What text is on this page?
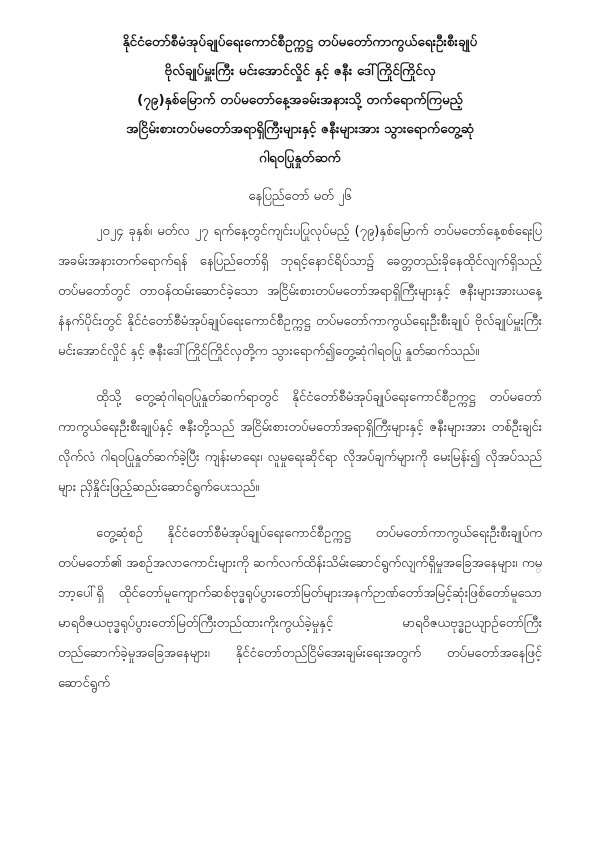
နိုင်ငံတော်စီမံအုပ်ချုပ်ရေးကောင်စီဥက္ကဋ္ဌ တပ်မတော်ကာကွယ်ရေးဦးစီးချုပ်
ဗိုလ်ချုပ်မှူးကြီး မင်းအောင်လှိုင် နှင့် ဇနီး ဒေါ်ကြိုင်ကြိုင်လှ
(၇၉)နှစ်မြောက် တပ်မတော်နေ့အခမ်းအနားသို့ တက်ရောက်ကြမည့်
အငြိမ်းစားတပ်မတော်အရာရှိကြီးများနှင့် ဇနီးများအား သွားရောက်တွေ့ဆုံ
ဂါရဝပြုနှုတ်ဆက်
နေပြည်တော် မတ် ၂၆

၂၀၂၄ ခုနှစ်၊ မတ်လ ၂၇ ရက်နေ့တွင်ကျင်းပပြုလုပ်မည့် (၇၉)နှစ်မြောက် တပ်မတော်နေ့စစ်ရေးပြအခမ်းအနားတက်ရောက်ရန် နေပြည်တော်ရှိ ဘုရင့်နောင်ရိပ်သာ၌ ခေတ္တတည်းခိုနေထိုင်လျက်ရှိသည့် တပ်မတော်တွင် တာဝန်ထမ်းဆောင်ခဲ့သော အငြိမ်းစားတပ်မတော်အရာရှိကြီးများနှင့် ဇနီးများအားယနေ့နံနက်ပိုင်းတွင် နိုင်ငံတော်စီမံအုပ်ချုပ်ရေးကောင်စီဥက္ကဋ္ဌ တပ်မတော်ကာကွယ်ရေးဦးစီးချုပ် ဗိုလ်ချုပ်မှူးကြီး မင်းအောင်လှိုင် နှင့် ဇနီးဒေါ်ကြိုင်ကြိုင်လှတို့က သွားရောက်၍တွေ့ဆုံဂါရဝပြု နှုတ်ဆက်သည်။

ထိုသို့ တွေ့ဆုံဂါရဝပြုနှုတ်ဆက်ရာတွင် နိုင်ငံတော်စီမံအုပ်ချုပ်ရေးကောင်စီဥက္ကဋ္ဌ တပ်မတော်ကာကွယ်ရေးဦးစီးချုပ်နှင့် ဇနီးတို့သည် အငြိမ်းစားတပ်မတော်အရာရှိကြီးများနှင့် ဇနီးများအား တစ်ဦးချင်းလိုက်လံ ဂါရဝပြုနှုတ်ဆက်ခဲ့ပြီး ကျန်းမာရေး၊ လူမှုရေးဆိုင်ရာ လိုအပ်ချက်များကို မေးမြန်း၍ လိုအပ်သည်များ ညှိနှိုင်းဖြည့်ဆည်းဆောင်ရွက်ပေးသည်။

တွေ့ဆုံစဉ် နိုင်ငံတော်စီမံအုပ်ချုပ်ရေးကောင်စီဥက္ကဋ္ဌ တပ်မတော်ကာကွယ်ရေးဦးစီးချုပ်က တပ်မတော်၏ အစဉ်အလာကောင်းများကို ဆက်လက်ထိန်းသိမ်းဆောင်ရွက်လျက်ရှိမှုအခြေအနေများ၊ ကမ္ဘာ့ပေါ်ရှိ ထိုင်တော်မူကျောက်ဆစ်ဗုဒ္ဓရုပ်ပွားတော်မြတ်များအနက်ဉာဏ်တော်အမြင့်ဆုံးဖြစ်တော်မူသော မာရဝိဇယဗုဒ္ဓရုပ်ပွားတော်မြတ်ကြီးတည်ထားကိုးကွယ်ခဲ့မှုနှင့် မာရဝိဇယဗုဒ္ဓဥယျာဉ်တော်ကြီး တည်ဆောက်ခဲ့မှုအခြေအနေများ၊ နိုင်ငံတော်တည်ငြိမ်အေးချမ်းရေးအတွက် တပ်မတော်အနေဖြင့်ဆောင်ရွက်
